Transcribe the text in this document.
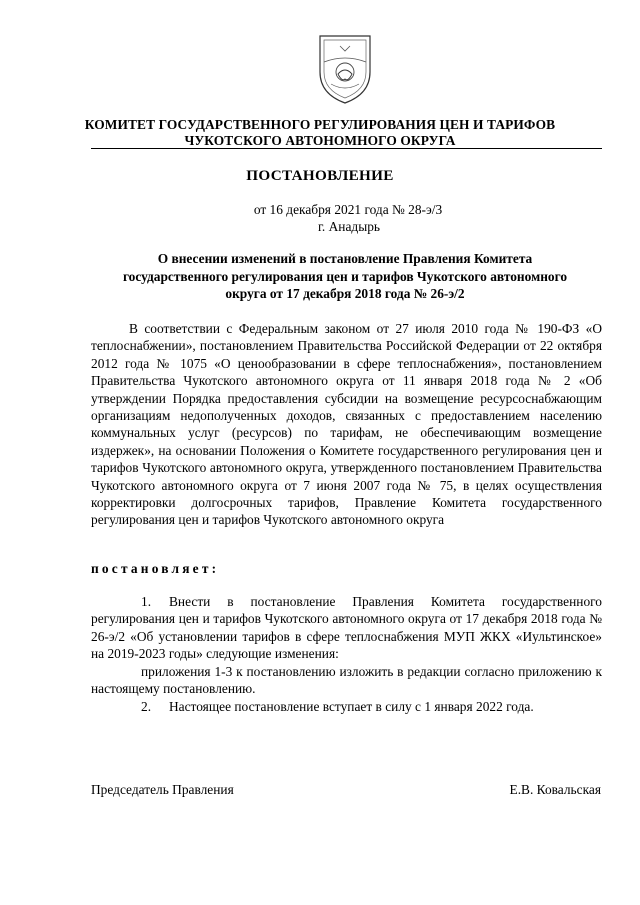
КОМИТЕТ ГОСУДАРСТВЕННОГО РЕГУЛИРОВАНИЯ ЦЕН И ТАРИФОВ
ЧУКОТСКОГО АВТОНОМНОГО ОКРУГА
ПОСТАНОВЛЕНИЕ
от 16 декабря 2021 года № 28-э/3
г. Анадырь
О внесении изменений в постановление Правления Комитета государственного регулирования цен и тарифов Чукотского автономного округа от 17 декабря 2018 года № 26-э/2
В соответствии с Федеральным законом от 27 июля 2010 года № 190-ФЗ «О теплоснабжении», постановлением Правительства Российской Федерации от 22 октября 2012 года № 1075 «О ценообразовании в сфере теплоснабжения», постановлением Правительства Чукотского автономного округа от 11 января 2018 года № 2 «Об утверждении Порядка предоставления субсидии на возмещение ресурсоснабжающим организациям недополученных доходов, связанных с предоставлением населению коммунальных услуг (ресурсов) по тарифам, не обеспечивающим возмещение издержек», на основании Положения о Комитете государственного регулирования цен и тарифов Чукотского автономного округа, утвержденного постановлением Правительства Чукотского автономного округа от 7 июня 2007 года № 75, в целях осуществления корректировки долгосрочных тарифов, Правление Комитета государственного регулирования цен и тарифов Чукотского автономного округа
постановляет:
1. Внести в постановление Правления Комитета государственного регулирования цен и тарифов Чукотского автономного округа от 17 декабря 2018 года № 26-э/2 «Об установлении тарифов в сфере теплоснабжения МУП ЖКХ «Иультинское» на 2019-2023 годы» следующие изменения:
приложения 1-3 к постановлению изложить в редакции согласно приложению к настоящему постановлению.
2. Настоящее постановление вступает в силу с 1 января 2022 года.
Председатель Правления	Е.В. Ковальская
